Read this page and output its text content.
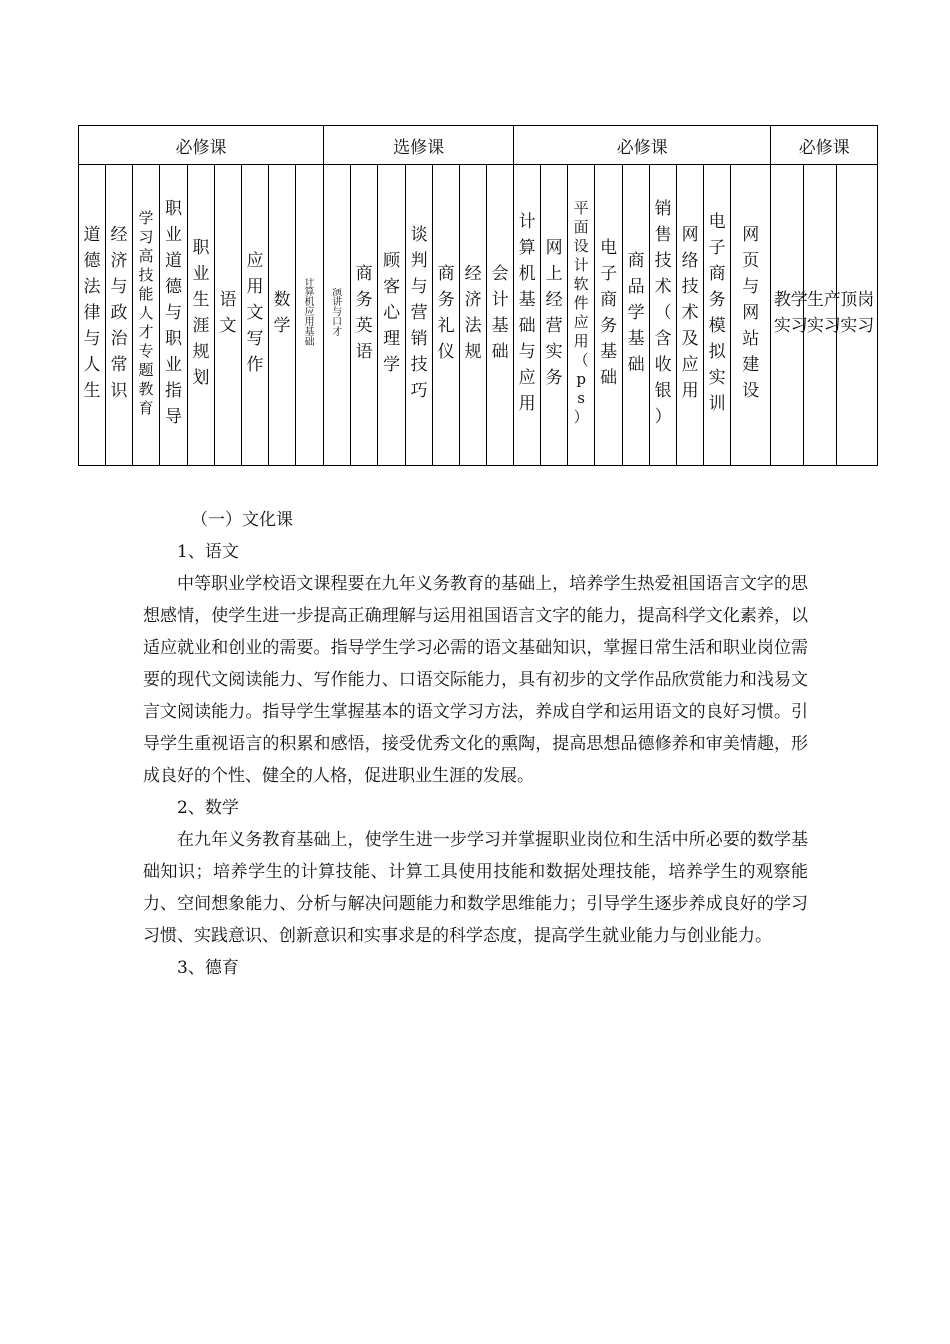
必修课									选修课							必修课									必修课		
道德法律与人生	经济与政治常识	学习高技能人才专题教育	职业道德与职业指导	职业生涯规划	语文	应用文写作	数学	计算机应用基础	演讲与口才	商务英语	顾客心理学	谈判与营销技巧	商务礼仪	经济法规	会计基础	计算机基础与应用	网上经营实务	平面设计软件应用（ps）	电子商务基础	商品学基础	销售技术（含收银）	网络技术及应用	电子商务模拟实训	网页与网站建设	教学实习	生产实习	顶岗实习

（一）文化课

1、语文

中等职业学校语文课程要在九年义务教育的基础上，培养学生热爱祖国语言文字的思想感情，使学生进一步提高正确理解与运用祖国语言文字的能力，提高科学文化素养，以适应就业和创业的需要。指导学生学习必需的语文基础知识，掌握日常生活和职业岗位需要的现代文阅读能力、写作能力、口语交际能力，具有初步的文学作品欣赏能力和浅易文言文阅读能力。指导学生掌握基本的语文学习方法，养成自学和运用语文的良好习惯。引导学生重视语言的积累和感悟，接受优秀文化的熏陶，提高思想品德修养和审美情趣，形成良好的个性、健全的人格，促进职业生涯的发展。

2、数学

在九年义务教育基础上，使学生进一步学习并掌握职业岗位和生活中所必要的数学基础知识；培养学生的计算技能、计算工具使用技能和数据处理技能，培养学生的观察能力、空间想象能力、分析与解决问题能力和数学思维能力；引导学生逐步养成良好的学习习惯、实践意识、创新意识和实事求是的科学态度，提高学生就业能力与创业能力。

3、德育
